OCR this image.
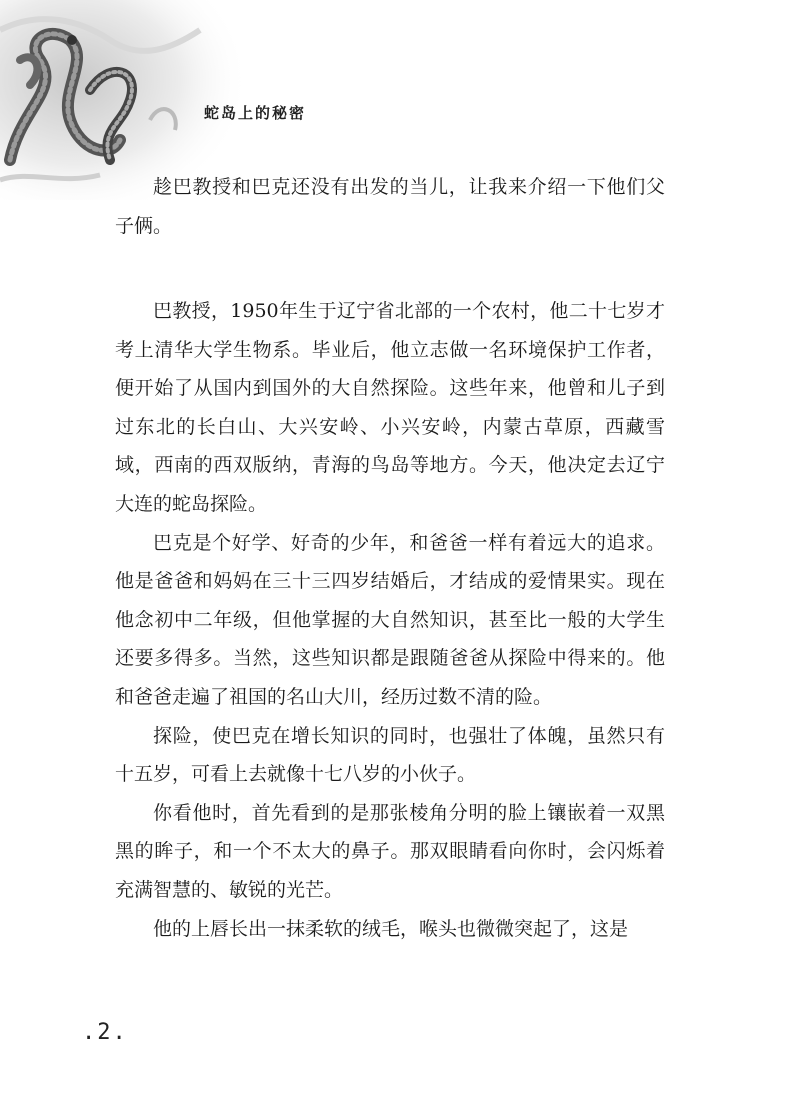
蛇岛上的秘密

趁巴教授和巴克还没有出发的当儿，让我来介绍一下他们父子俩。

巴教授，1950年生于辽宁省北部的一个农村，他二十七岁才考上清华大学生物系。毕业后，他立志做一名环境保护工作者，便开始了从国内到国外的大自然探险。这些年来，他曾和儿子到过东北的长白山、大兴安岭、小兴安岭，内蒙古草原，西藏雪域，西南的西双版纳，青海的鸟岛等地方。今天，他决定去辽宁大连的蛇岛探险。

巴克是个好学、好奇的少年，和爸爸一样有着远大的追求。他是爸爸和妈妈在三十三四岁结婚后，才结成的爱情果实。现在他念初中二年级，但他掌握的大自然知识，甚至比一般的大学生还要多得多。当然，这些知识都是跟随爸爸从探险中得来的。他和爸爸走遍了祖国的名山大川，经历过数不清的险。

探险，使巴克在增长知识的同时，也强壮了体魄，虽然只有十五岁，可看上去就像十七八岁的小伙子。

你看他时，首先看到的是那张棱角分明的脸上镶嵌着一双黑黑的眸子，和一个不太大的鼻子。那双眼睛看向你时，会闪烁着充满智慧的、敏锐的光芒。

他的上唇长出一抹柔软的绒毛，喉头也微微突起了，这是

.2.
